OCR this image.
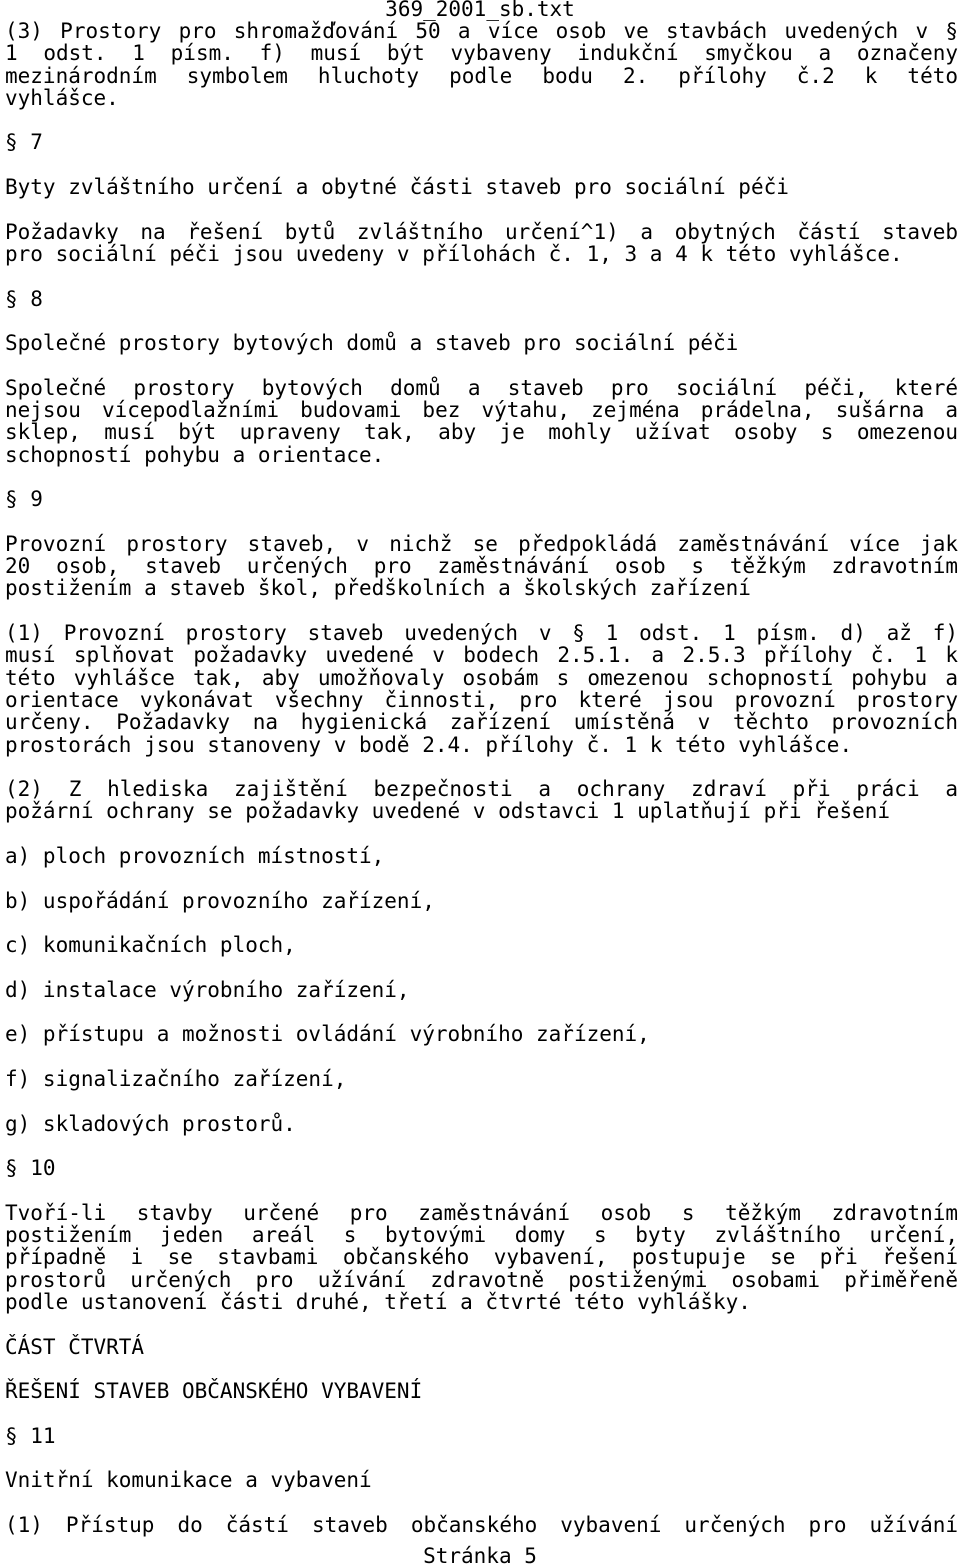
369_2001_sb.txt
(3) Prostory pro shromažďování 50 a více osob ve stavbách uvedených v §
1 odst. 1 písm. f) musí být vybaveny indukční smyčkou a označeny
mezinárodním symbolem hluchoty podle bodu 2. přílohy č.2 k této
vyhlášce.
§ 7
Byty zvláštního určení a obytné části staveb pro sociální péči
Požadavky na řešení bytů zvláštního určení^1) a obytných částí staveb
pro sociální péči jsou uvedeny v přílohách č. 1, 3 a 4 k této vyhlášce.
§ 8
Společné prostory bytových domů a staveb pro sociální péči
Společné prostory bytových domů a staveb pro sociální péči, které
nejsou vícepodlažními budovami bez výtahu, zejména prádelna, sušárna a
sklep, musí být upraveny tak, aby je mohly užívat osoby s omezenou
schopností pohybu a orientace.
§ 9
Provozní prostory staveb, v nichž se předpokládá zaměstnávání více jak
20 osob, staveb určených pro zaměstnávání osob s těžkým zdravotním
postižením a staveb škol, předškolních a školských zařízení
(1) Provozní prostory staveb uvedených v § 1 odst. 1 písm. d) až f)
musí splňovat požadavky uvedené v bodech 2.5.1. a 2.5.3 přílohy č. 1 k
této vyhlášce tak, aby umožňovaly osobám s omezenou schopností pohybu a
orientace vykonávat všechny činnosti, pro které jsou provozní prostory
určeny. Požadavky na hygienická zařízení umístěná v těchto provozních
prostorách jsou stanoveny v bodě 2.4. přílohy č. 1 k této vyhlášce.
(2) Z hlediska zajištění bezpečnosti a ochrany zdraví při práci a
požární ochrany se požadavky uvedené v odstavci 1 uplatňují při řešení
a) ploch provozních místností,
b) uspořádání provozního zařízení,
c) komunikačních ploch,
d) instalace výrobního zařízení,
e) přístupu a možnosti ovládání výrobního zařízení,
f) signalizačního zařízení,
g) skladových prostorů.
§ 10
Tvoří-li stavby určené pro zaměstnávání osob s těžkým zdravotním
postižením jeden areál s bytovými domy s byty zvláštního určení,
případně i se stavbami občanského vybavení, postupuje se při řešení
prostorů určených pro užívání zdravotně postiženými osobami přiměřeně
podle ustanovení části druhé, třetí a čtvrté této vyhlášky.
ČÁST ČTVRTÁ
ŘEŠENÍ STAVEB OBČANSKÉHO VYBAVENÍ
§ 11
Vnitřní komunikace a vybavení
(1) Přístup do částí staveb občanského vybavení určených pro užívání
Stránka 5
